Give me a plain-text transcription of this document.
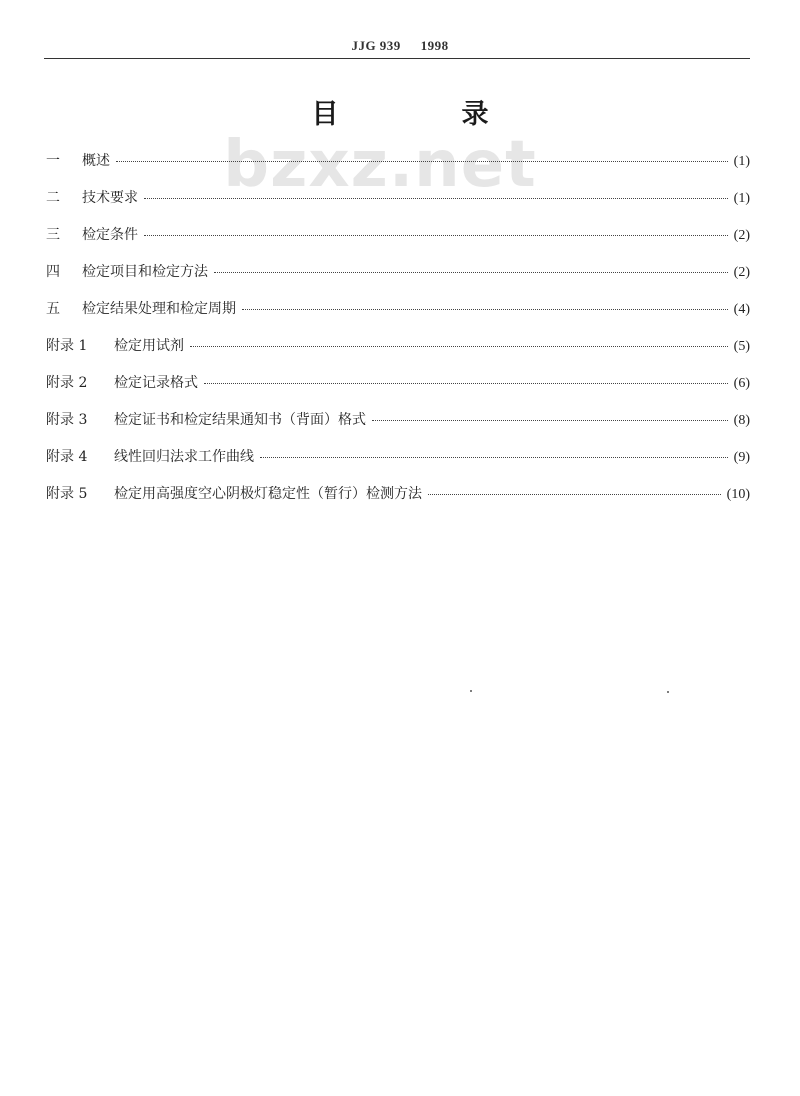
JJG 939 1998
bzxz.net
目　录
一	概述	(1)
二	技术要求	(1)
三	检定条件	(2)
四	检定项目和检定方法	(2)
五	检定结果处理和检定周期	(4)
附录 1	检定用试剂	(5)
附录 2	检定记录格式	(6)
附录 3	检定证书和检定结果通知书（背面）格式	(8)
附录 4	线性回归法求工作曲线	(9)
附录 5	检定用高强度空心阴极灯稳定性（暂行）检测方法	(10)
